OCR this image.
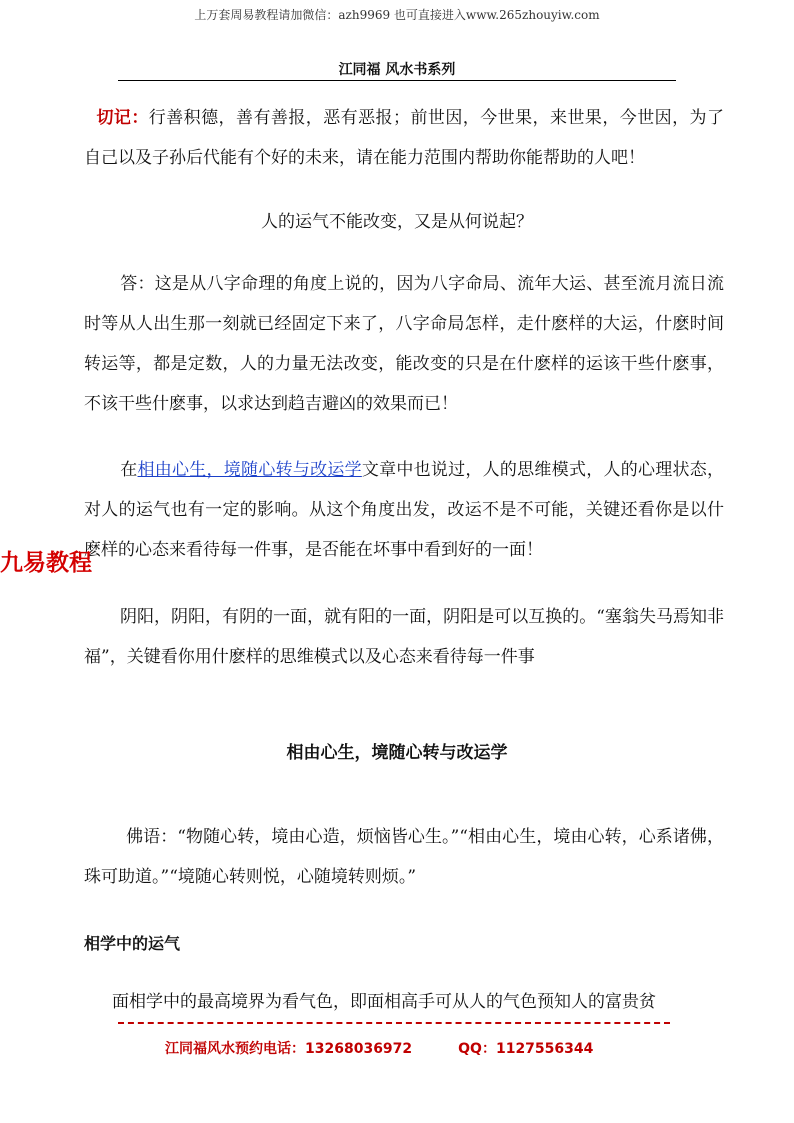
上万套周易教程请加微信：azh9969 也可直接进入www.265zhouyiw.com
江同福 风水书系列

切记：行善积德，善有善报，恶有恶报；前世因，今世果，来世果，今世因，为了自己以及子孙后代能有个好的未来，请在能力范围内帮助你能帮助的人吧！

人的运气不能改变，又是从何说起？

答：这是从八字命理的角度上说的，因为八字命局、流年大运、甚至流月流日流时等从人出生那一刻就已经固定下来了，八字命局怎样，走什麽样的大运，什麽时间转运等，都是定数，人的力量无法改变，能改变的只是在什麽样的运该干些什麽事，不该干些什麽事，以求达到趋吉避凶的效果而已！

在相由心生，境随心转与改运学文章中也说过，人的思维模式，人的心理状态，对人的运气也有一定的影响。从这个角度出发，改运不是不可能，关键还看你是以什麽样的心态来看待每一件事，是否能在坏事中看到好的一面！

阴阳，阴阳，有阴的一面，就有阳的一面，阴阳是可以互换的。“塞翁失马焉知非福”，关键看你用什麽样的思维模式以及心态来看待每一件事

相由心生，境随心转与改运学

佛语：“物随心转，境由心造，烦恼皆心生。”“相由心生，境由心转，心系诸佛，珠可助道。”“境随心转则悦，心随境转则烦。”

相学中的运气

面相学中的最高境界为看气色，即面相高手可从人的气色预知人的富贵贫

九易教程
江同福风水预约电话：13268036972	QQ：1127556344
